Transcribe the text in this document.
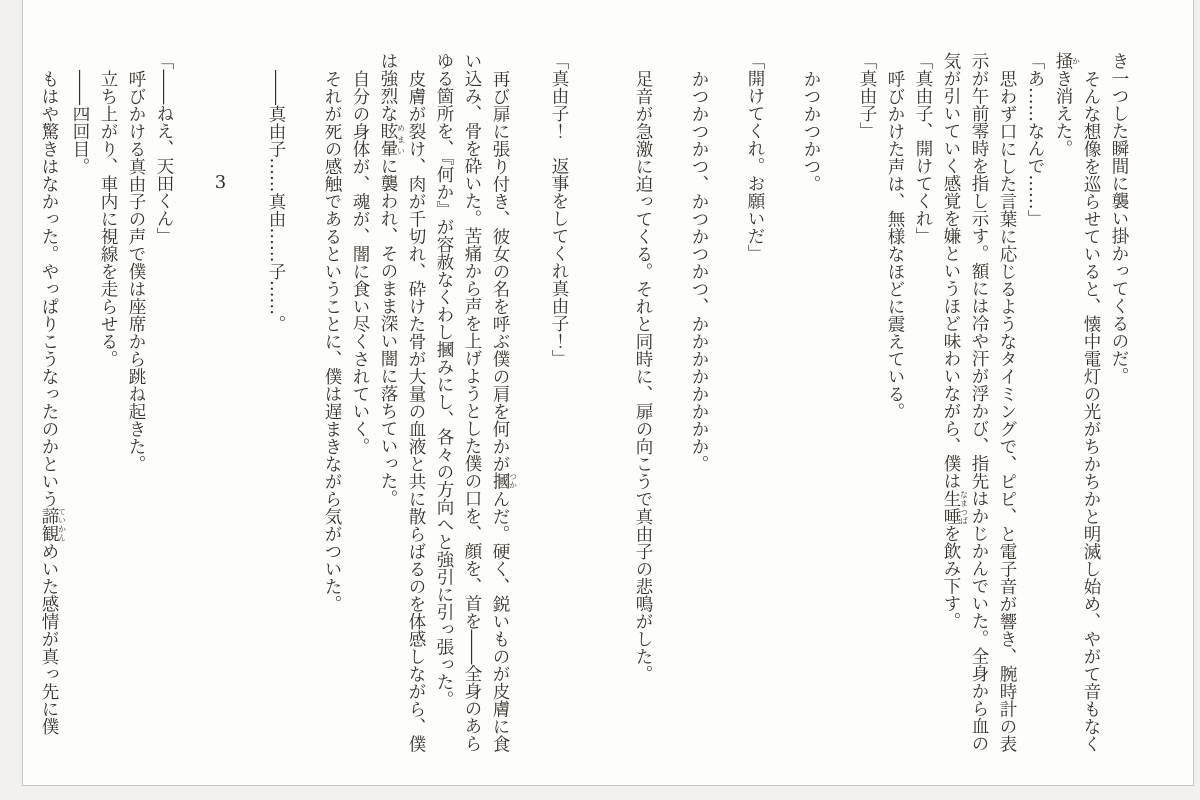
き一つした瞬間に襲い掛かってくるのだ。

そんな想像を巡らせていると、懐中電灯の光がちかちかと明滅し始め、やがて音もなく掻かき消えた。

「あ……なんで……」

思わず口にした言葉に応じるようなタイミングで、ピピ、と電子音が響き、腕時計の表示が午前零時を指し示す。額には冷や汗が浮かび、指先はかじかんでいた。全身から血の気が引いていく感覚を嫌というほど味わいながら、僕は生唾なまつばを飲み下す。

「真由子、開けてくれ」

呼びかけた声は、無様なほどに震えている。

「真由子」

かつかつかつ。

「開けてくれ。お願いだ」

かつかつかつ、かつかつかつ、かかかかかかかか。

足音が急激に迫ってくる。それと同時に、扉の向こうで真由子の悲鳴がした。

「真由子！　返事をしてくれ真由子！」

再び扉に張り付き、彼女の名を呼ぶ僕の肩を何かが摑つかんだ。硬く、鋭いものが皮膚に食い込み、骨を砕いた。苦痛から声を上げようとした僕の口を、顔を、首を――全身のあらゆる箇所を、『何か』が容赦なくわし摑みにし、各々の方向へと強引に引っ張った。

皮膚が裂け、肉が千切れ、砕けた骨が大量の血液と共に散らばるのを体感しながら、僕は強烈な眩暈めまいに襲われ、そのまま深い闇に落ちていった。

自分の身体が、魂が、闇に食い尽くされていく。

それが死の感触であるということに、僕は遅まきながら気がついた。

――真由子……真由……子……。

3

「――ねえ、天田くん」

呼びかける真由子の声で僕は座席から跳ね起きた。

立ち上がり、車内に視線を走らせる。

――四回目。

もはや驚きはなかった。やっぱりこうなったのかという諦観ていかんめいた感情が真っ先に僕
